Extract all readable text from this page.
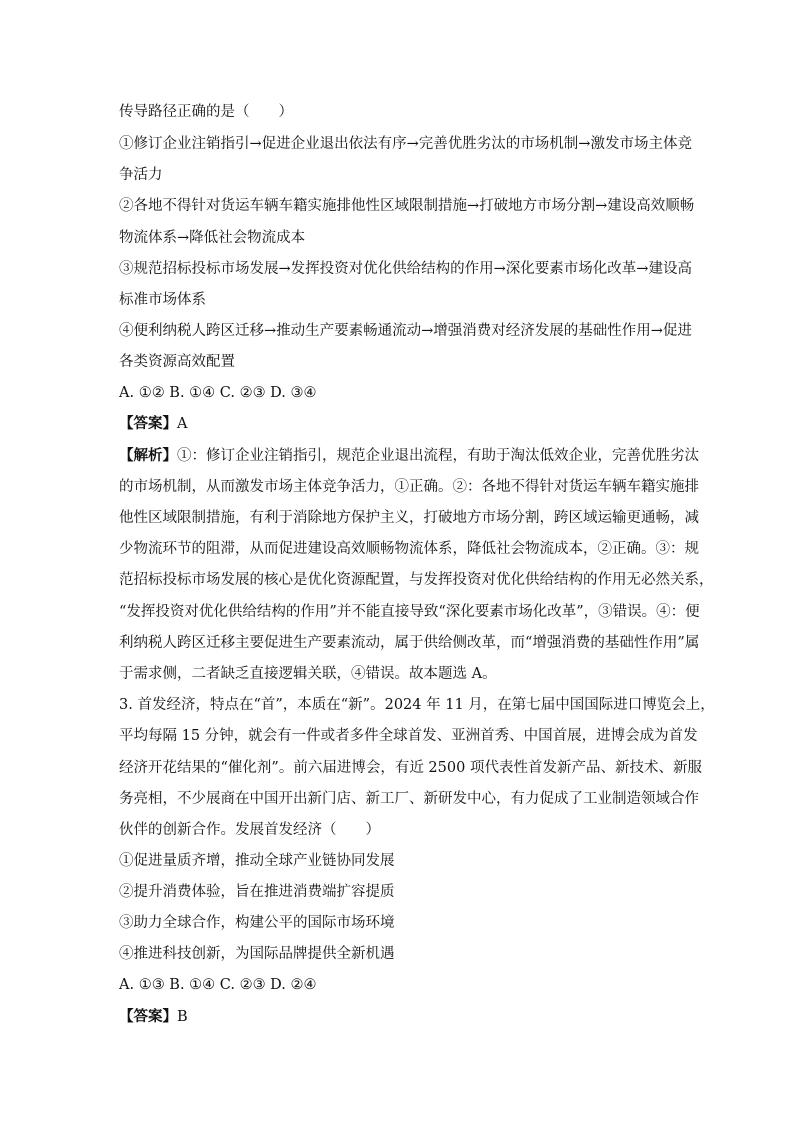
传导路径正确的是（　　）
①修订企业注销指引→促进企业退出依法有序→完善优胜劣汰的市场机制→激发市场主体竞
争活力
②各地不得针对货运车辆车籍实施排他性区域限制措施→打破地方市场分割→建设高效顺畅
物流体系→降低社会物流成本
③规范招标投标市场发展→发挥投资对优化供给结构的作用→深化要素市场化改革→建设高
标准市场体系
④便利纳税人跨区迁移→推动生产要素畅通流动→增强消费对经济发展的基础性作用→促进
各类资源高效配置
A. ①② B. ①④ C. ②③ D. ③④
【答案】A
【解析】①：修订企业注销指引，规范企业退出流程，有助于淘汰低效企业，完善优胜劣汰
的市场机制，从而激发市场主体竞争活力，①正确。②：各地不得针对货运车辆车籍实施排
他性区域限制措施，有利于消除地方保护主义，打破地方市场分割，跨区域运输更通畅，减
少物流环节的阻滞，从而促进建设高效顺畅物流体系，降低社会物流成本，②正确。③：规
范招标投标市场发展的核心是优化资源配置，与发挥投资对优化供给结构的作用无必然关系，
“发挥投资对优化供给结构的作用”并不能直接导致“深化要素市场化改革”，③错误。④：便
利纳税人跨区迁移主要促进生产要素流动，属于供给侧改革，而“增强消费的基础性作用”属
于需求侧，二者缺乏直接逻辑关联，④错误。故本题选 A。
3. 首发经济，特点在“首”，本质在“新”。2024 年 11 月，在第七届中国国际进口博览会上，
平均每隔 15 分钟，就会有一件或者多件全球首发、亚洲首秀、中国首展，进博会成为首发
经济开花结果的“催化剂”。前六届进博会，有近 2500 项代表性首发新产品、新技术、新服
务亮相，不少展商在中国开出新门店、新工厂、新研发中心，有力促成了工业制造领域合作
伙伴的创新合作。发展首发经济（　　）
①促进量质齐增，推动全球产业链协同发展
②提升消费体验，旨在推进消费端扩容提质
③助力全球合作，构建公平的国际市场环境
④推进科技创新，为国际品牌提供全新机遇
A. ①③ B. ①④ C. ②③ D. ②④
【答案】B
